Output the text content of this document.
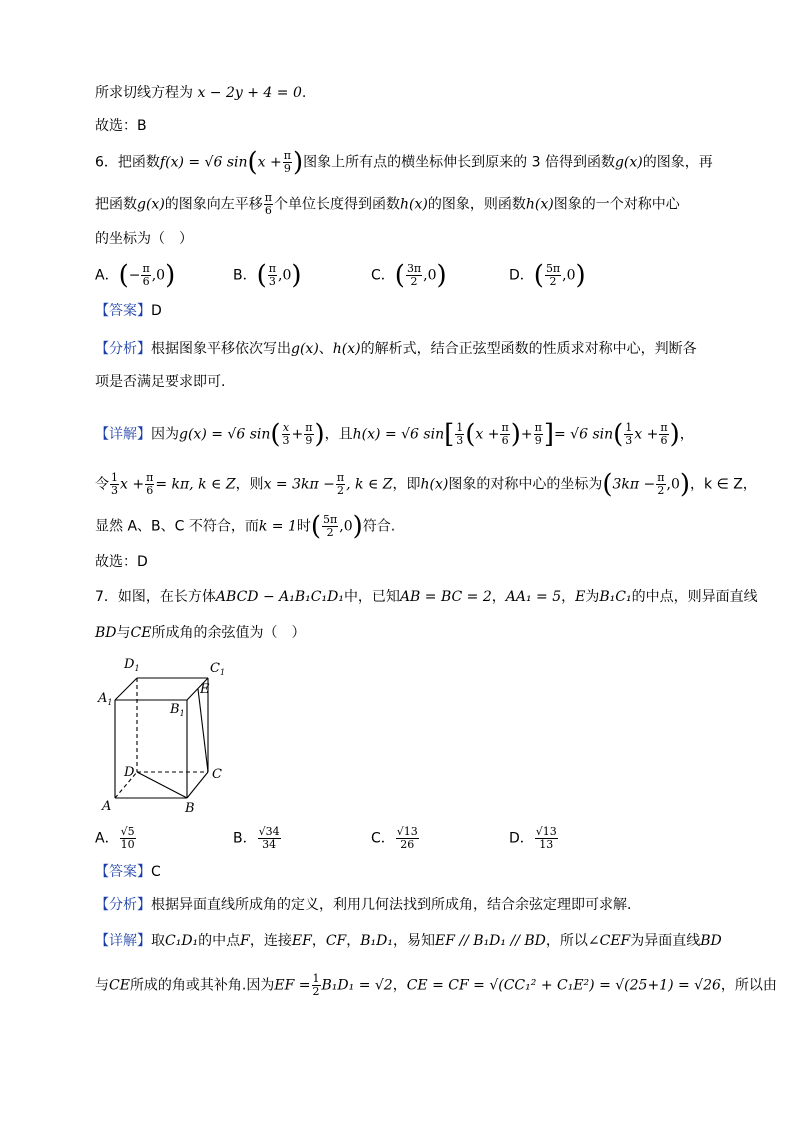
所求切线方程为 x − 2y + 4 = 0.
故选：B
6．把函数f(x) = √6 $\sin(x + \frac{\pi}{9}$ )图象上所有点的横坐标伸长到原来的 3 倍得到函数g(x)的图象，再
把函数g(x)的图象向左平移 $\frac{\pi}{6}$ 个单位长度得到函数h(x)的图象，则函数h(x)图象的一个对称中心
的坐标为（　）
A．(− $\frac{\pi}{6} ,0$)	B．( $\frac{\pi}{3} ,0$)	C．( $\frac{3\pi}{2} ,0$)	D．( $\frac{5\pi}{2} ,0$)
【答案】D
【分析】根据图象平移依次写出g(x)、h(x)的解析式，结合正弦型函数的性质求对称中心，判断各
项是否满足要求即可.
【详解】因为g(x) = √6 $\sin( \frac{x}{3} + \frac{\pi}{9}$ )，且h(x) = √6 $\sin[ \frac{1}{3} (x + \frac{\pi}{6}$ )+ $\frac{\pi}{9}$ ]= √6 $\sin( \frac{1}{3}$ $x + \frac{\pi}{6}$ )，
令 $\frac{1}{3}$ $x + \frac{\pi}{6} = k\pi$, k ∈ Z，则$x = 3k\pi - \frac{\pi}{2}$ , k ∈ Z，即h(x)图象的对称中心的坐标为$(3k\pi - \frac{\pi}{2} ,0)$，k ∈ Z，
显然 A、B、C 不符合，而k = 1时( $\frac{5\pi}{2} ,0$)符合.
故选：D
7．如图，在长方体ABCD − A₁B₁C₁D₁中，已知AB = BC = 2，AA₁ = 5，E为B₁C₁的中点，则异面直线
BD与CE所成角的余弦值为（　）
$D_1$	$C_1$
$A_1$	$B_1$
E
D	C
A	B
A． $\frac{√5}{10}$	B． $\frac{√34}{34}$	C． $\frac{√13}{26}$	D． $\frac{√13}{13}$
【答案】C
【分析】根据异面直线所成角的定义，利用几何法找到所成角，结合余弦定理即可求解.
【详解】取C₁D₁的中点F，连接EF，CF，B₁D₁，易知EF // B₁D₁ // BD，所以∠CEF为异面直线BD
与CE所成的角或其补角.因为EF = $\frac{1}{2} B_1D_1 = √2$，CE = CF = √(CC₁² + C₁E²) = √(25+1) = √26，所以由
